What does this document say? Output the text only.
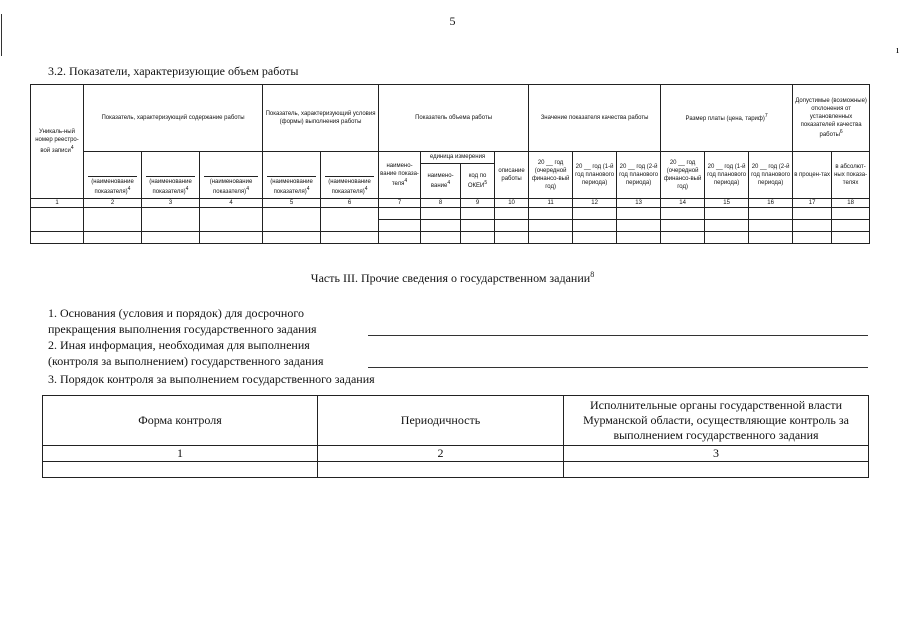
5
ı
3.2. Показатели, характеризующие объем работы
Уникаль-ный номер реестро-вой записи$^4$	Показатель, характеризующий содержание работы			Показатель, характеризующий условия (формы) выполнения работы		Показатель объема работы				Значение показателя качества работы			Размер платы (цена, тариф)$^7$			Допустимые (возможные) отклонения от установленных показателей качества работы$^6$

	(наименование показателя)$^4$	(наименование показателя)$^4$	(наименование показателя)$^4$	(наименование показателя)$^4$	(наименование показателя)$^4$	наимено-вание показа-теля$^4$	единица измерения		описание работы	20 __ год (очередной финансо-вый год)	20 __ год (1-й год планового периода)	20 __ год (2-й год планового периода)	20 __ год (очередной финансо-вый год)	20 __ год (1-й год планового периода)	20 __ год (2-й год планового периода)	в процен-тах	в абсолют-ных показа-телях
							наимено-вание$^4$	код по ОКЕИ$^5$
1	2	3	4	5	6	7	8	9	10	11	12	13	14	15	16	17	18

Часть III. Прочие сведения о государственном задании$^8$
1. Основания (условия и порядок) для досрочного
прекращения выполнения государственного задания
2. Иная информация, необходимая для выполнения
(контроля за выполнением) государственного задания
3. Порядок контроля за выполнением государственного задания
Форма контроля	Периодичность	Исполнительные органы государственной власти Мурманской области, осуществляющие контроль за выполнением государственного задания
1	2	3
